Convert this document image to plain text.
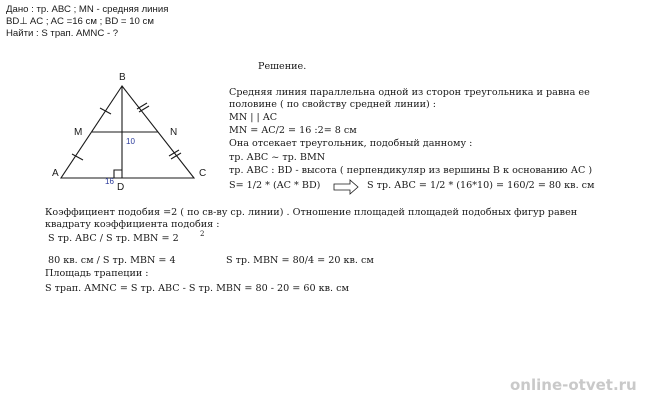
Дано : тр. АВС ; MN - средняя линия
BD⊥ AC ; AC =16 см ; BD = 10 см
Найти : S трап. AMNC - ?
B
A	C
D
M	N
10
16
Решение.
Средняя линия параллельна одной из сторон треугольника и равна ее
половине ( по свойству средней линии) :
MN | | AC
MN = AC/2 = 16 :2= 8 см
Она отсекает треугольник, подобный данному :
тр. АВС ~ тр. BMN
тр. АВС : BD - высота ( перпендикуляр из вершины В к основанию АС )
S= 1/2 * (AC * BD)	S тр. АВС = 1/2 * (16*10) = 160/2 = 80 кв. см
Коэффициент подобия =2 ( по св-ву ср. линии) . Отношение площадей площадей подобных фигур равен
квадрату коэффициента подобия :
S тр. ABC / S тр. MBN = 2	2
80 кв. см / S тр. MBN = 4	S тр. MBN = 80/4 = 20 кв. см
Площадь трапеции :
S трап. AMNC = S тр. ABC - S тр. MBN = 80 - 20 = 60 кв. см
online-otvet.ru
